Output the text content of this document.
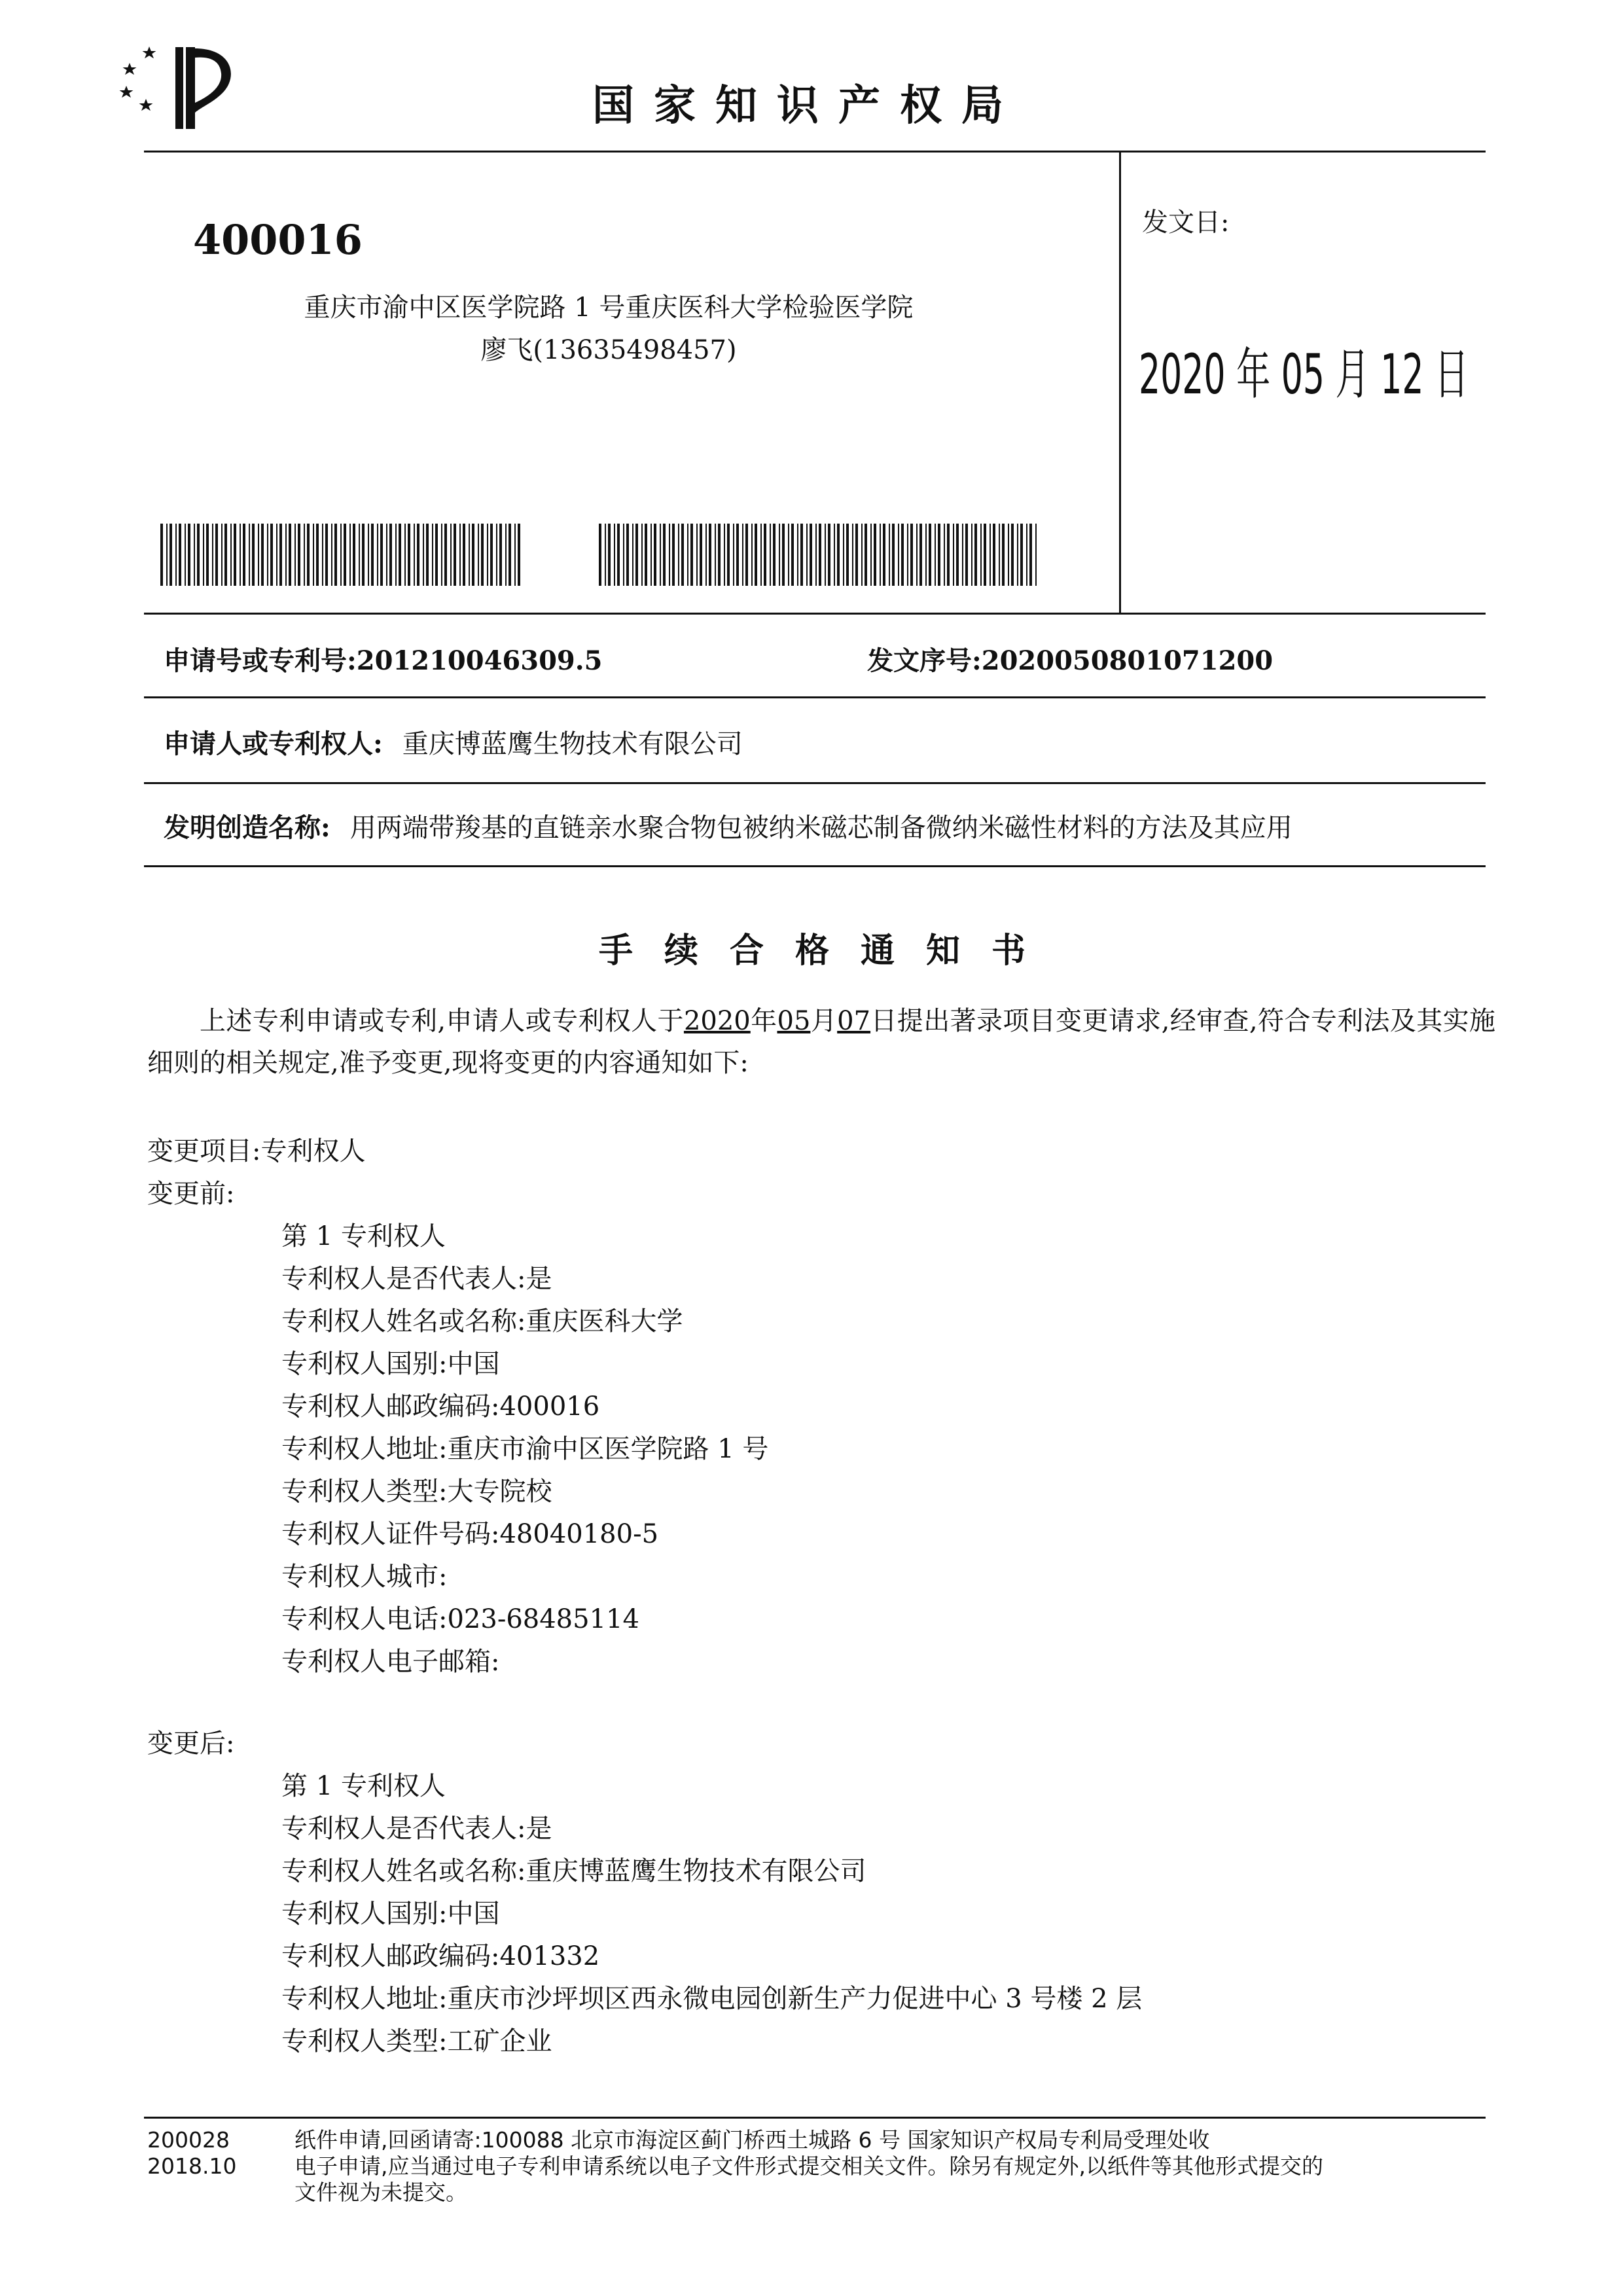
国家知识产权局
400016
重庆市渝中区医学院路 1 号重庆医科大学检验医学院
廖飞(13635498457)
发文日:
2020 年 05 月 12 日
申请号或专利号:201210046309.5	发文序号:2020050801071200
申请人或专利权人: 重庆博蓝鹰生物技术有限公司
发明创造名称: 用两端带羧基的直链亲水聚合物包被纳米磁芯制备微纳米磁性材料的方法及其应用
手续合格通知书
上述专利申请或专利,申请人或专利权人于2020年05月07日提出著录项目变更请求,经审查,符合专利法及其实施细则的相关规定,准予变更,现将变更的内容通知如下:
变更项目:专利权人
变更前:
第 1 专利权人
专利权人是否代表人:是
专利权人姓名或名称:重庆医科大学
专利权人国别:中国
专利权人邮政编码:400016
专利权人地址:重庆市渝中区医学院路 1 号
专利权人类型:大专院校
专利权人证件号码:48040180-5
专利权人城市:
专利权人电话:023-68485114
专利权人电子邮箱:
变更后:
第 1 专利权人
专利权人是否代表人:是
专利权人姓名或名称:重庆博蓝鹰生物技术有限公司
专利权人国别:中国
专利权人邮政编码:401332
专利权人地址:重庆市沙坪坝区西永微电园创新生产力促进中心 3 号楼 2 层
专利权人类型:工矿企业
200028
2018.10
纸件申请,回函请寄:100088 北京市海淀区蓟门桥西土城路 6 号 国家知识产权局专利局受理处收
电子申请,应当通过电子专利申请系统以电子文件形式提交相关文件。除另有规定外,以纸件等其他形式提交的
文件视为未提交。
